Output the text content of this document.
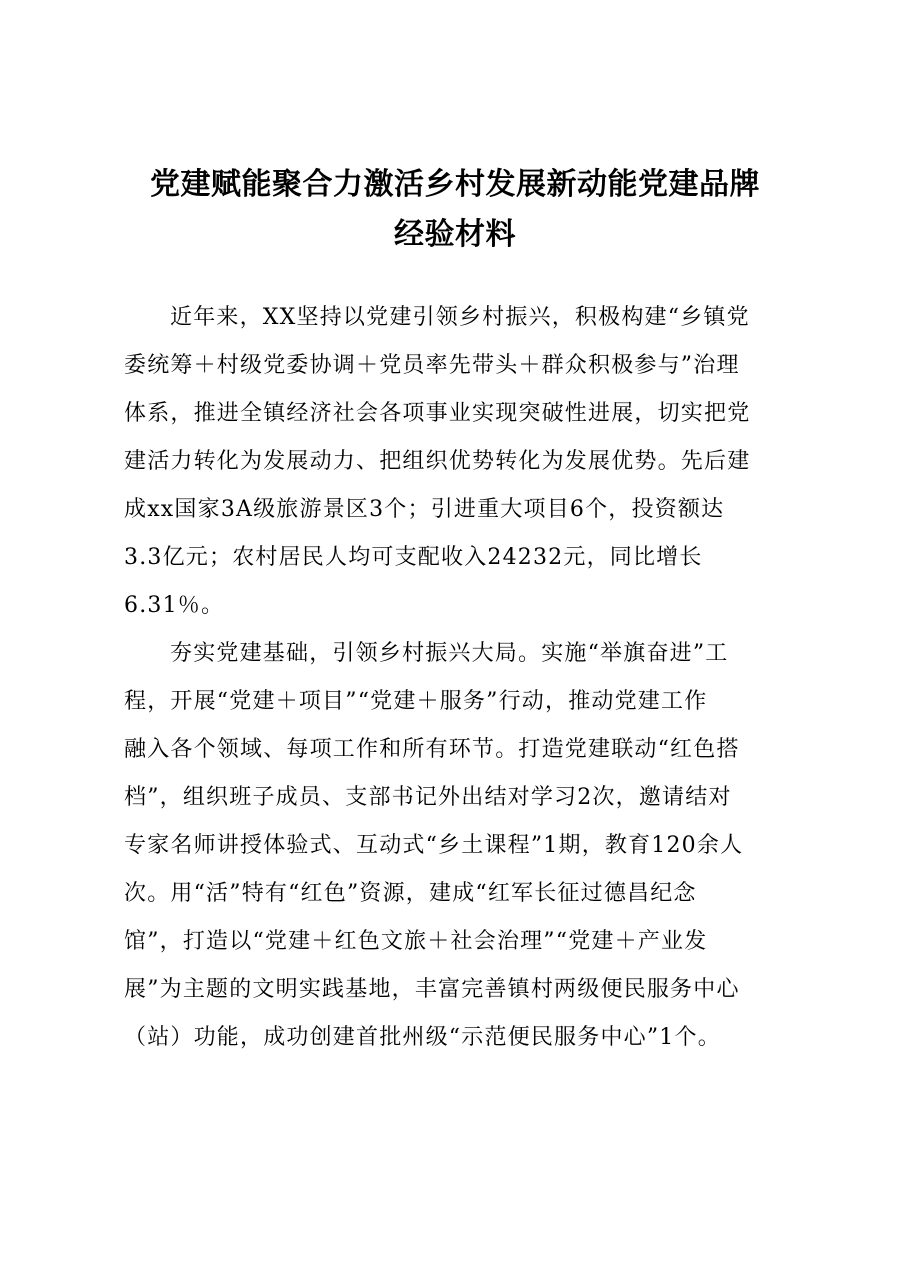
党建赋能聚合力激活乡村发展新动能党建品牌
经验材料

近年来，XX坚持以党建引领乡村振兴，积极构建“乡镇党
委统筹＋村级党委协调＋党员率先带头＋群众积极参与”治理
体系，推进全镇经济社会各项事业实现突破性进展，切实把党
建活力转化为发展动力、把组织优势转化为发展优势。先后建
成xx国家3A级旅游景区3个；引进重大项目6个，投资额达
3.3亿元；农村居民人均可支配收入24232元，同比增长
6.31％。

夯实党建基础，引领乡村振兴大局。实施“举旗奋进”工
程，开展“党建＋项目”“党建＋服务”行动，推动党建工作
融入各个领域、每项工作和所有环节。打造党建联动“红色搭
档”，组织班子成员、支部书记外出结对学习2次，邀请结对
专家名师讲授体验式、互动式“乡土课程”1期，教育120余人
次。用“活”特有“红色”资源，建成“红军长征过德昌纪念
馆”，打造以“党建＋红色文旅＋社会治理”“党建＋产业发
展”为主题的文明实践基地，丰富完善镇村两级便民服务中心
（站）功能，成功创建首批州级“示范便民服务中心”1个。
